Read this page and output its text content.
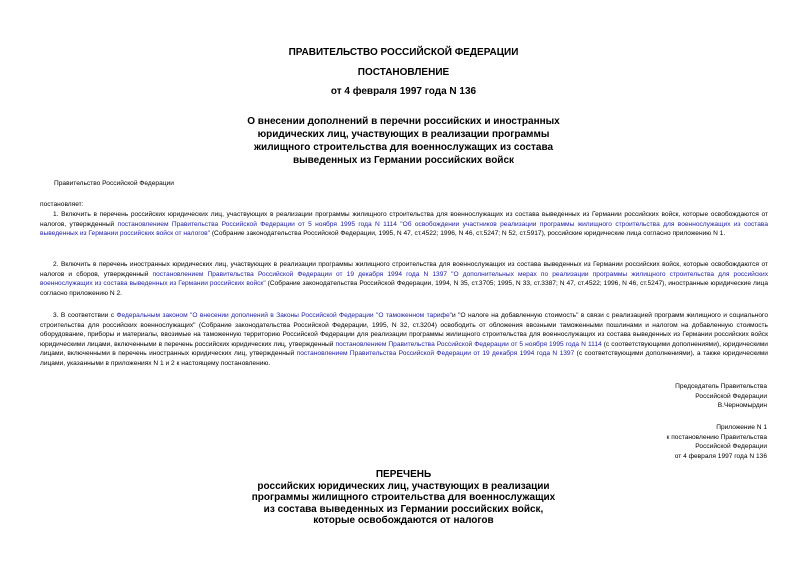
ПРАВИТЕЛЬСТВО РОССИЙСКОЙ ФЕДЕРАЦИИ
ПОСТАНОВЛЕНИЕ
от 4 февраля 1997 года N 136
О внесении дополнений в перечни российских и иностранных
юридических лиц, участвующих в реализации программы
жилищного строительства для военнослужащих из состава
выведенных из Германии российских войск
Правительство Российской Федерации
постановляет:
1. Включить в перечень российских юридических лиц, участвующих в реализации программы жилищного строительства для военнослужащих из состава выведенных из Германии российских войск, которые освобождаются от налогов, утвержденный постановлением Правительства Российской Федерации от 5 ноября 1995 года N 1114 "Об освобождении участников реализации программы жилищного строительства для военнослужащих из состава выведенных из Германии российских войск от налогов" (Собрание законодательства Российской Федерации, 1995, N 47, ст.4522; 1996, N 46, ст.5247; N 52, ст.5917), российские юридические лица согласно приложению N 1.
2. Включить в перечень иностранных юридических лиц, участвующих в реализации программы жилищного строительства для военнослужащих из состава выведенных из Германии российских войск, которые освобождаются от налогов и сборов, утвержденный постановлением Правительства Российской Федерации от 19 декабря 1994 года N 1397 "О дополнительных мерах по реализации программы жилищного строительства для российских военнослужащих из состава выведенных из Германии российских войск" (Собрание законодательства Российской Федерации, 1994, N 35, ст.3705; 1995, N 33, ст.3387; N 47, ст.4522; 1996, N 46, ст.5247), иностранные юридические лица согласно приложению N 2.
3. В соответствии с Федеральным законом "О внесении дополнений в Законы Российской Федерации "О таможенном тарифе"и "О налоге на добавленную стоимость" в связи с реализацией программ жилищного и социального строительства для российских военнослужащих" (Собрание законодательства Российской Федерации, 1995, N 32, ст.3204) освободить от обложения ввозными таможенными пошлинами и налогом на добавленную стоимость оборудование, приборы и материалы, ввозимые на таможенную территорию Российской Федерации для реализации программы жилищного строительства для военнослужащих из состава выведенных из Германии российских войск юридическими лицами, включенными в перечень российских юридических лиц, утвержденный постановлением Правительства Российской Федерации от 5 ноября 1995 года N 1114 (с соответствующими дополнениями), юридическими лицами, включенными в перечень иностранных юридических лиц, утвержденный постановлением Правительства Российской Федерации от 19 декабря 1994 года N 1397 (с соответствующими дополнениями), а также юридическими лицами, указанными в приложениях N 1 и 2 к настоящему постановлению.
Председатель Правительства
Российской Федерации
В.Черномырдин
Приложение N 1
к постановлению Правительства
Российской Федерации
от 4 февраля 1997 года N 136
ПЕРЕЧЕНЬ
российских юридических лиц, участвующих в реализации
программы жилищного строительства для военнослужащих
из состава выведенных из Германии российских войск,
которые освобождаются от налогов
